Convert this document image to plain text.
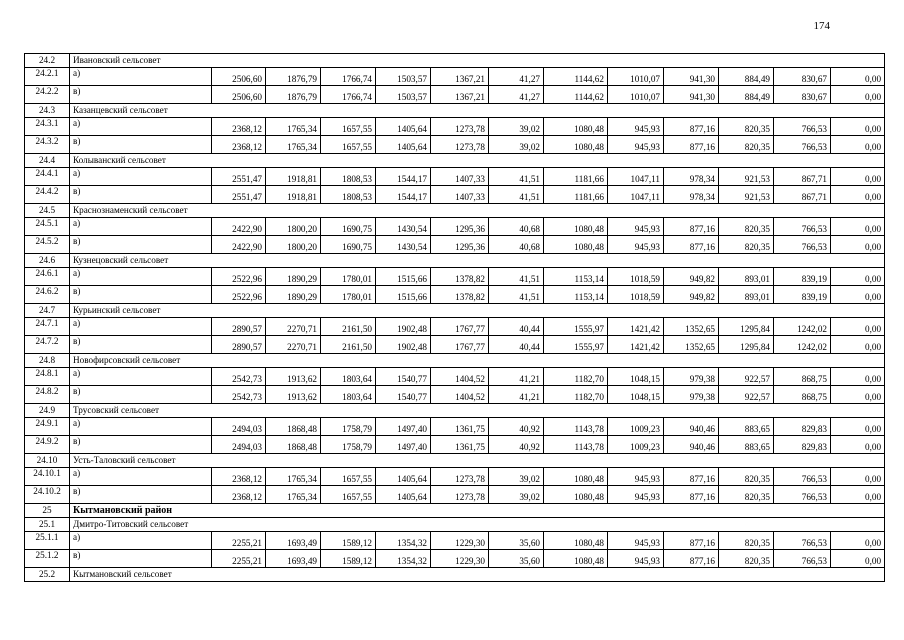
174
24.2	Ивановский сельсовет												
24.2.1	а)	2506,60	1876,79	1766,74	1503,57	1367,21	41,27	1144,62	1010,07	941,30	884,49	830,67	0,00
24.2.2	в)	2506,60	1876,79	1766,74	1503,57	1367,21	41,27	1144,62	1010,07	941,30	884,49	830,67	0,00
24.3	Казанцевский сельсовет												
24.3.1	а)	2368,12	1765,34	1657,55	1405,64	1273,78	39,02	1080,48	945,93	877,16	820,35	766,53	0,00
24.3.2	в)	2368,12	1765,34	1657,55	1405,64	1273,78	39,02	1080,48	945,93	877,16	820,35	766,53	0,00
24.4	Колыванский сельсовет												
24.4.1	а)	2551,47	1918,81	1808,53	1544,17	1407,33	41,51	1181,66	1047,11	978,34	921,53	867,71	0,00
24.4.2	в)	2551,47	1918,81	1808,53	1544,17	1407,33	41,51	1181,66	1047,11	978,34	921,53	867,71	0,00
24.5	Краснознаменский сельсовет												
24.5.1	а)	2422,90	1800,20	1690,75	1430,54	1295,36	40,68	1080,48	945,93	877,16	820,35	766,53	0,00
24.5.2	в)	2422,90	1800,20	1690,75	1430,54	1295,36	40,68	1080,48	945,93	877,16	820,35	766,53	0,00
24.6	Кузнецовский сельсовет												
24.6.1	а)	2522,96	1890,29	1780,01	1515,66	1378,82	41,51	1153,14	1018,59	949,82	893,01	839,19	0,00
24.6.2	в)	2522,96	1890,29	1780,01	1515,66	1378,82	41,51	1153,14	1018,59	949,82	893,01	839,19	0,00
24.7	Курьинский сельсовет												
24.7.1	а)	2890,57	2270,71	2161,50	1902,48	1767,77	40,44	1555,97	1421,42	1352,65	1295,84	1242,02	0,00
24.7.2	в)	2890,57	2270,71	2161,50	1902,48	1767,77	40,44	1555,97	1421,42	1352,65	1295,84	1242,02	0,00
24.8	Новофирсовский сельсовет												
24.8.1	а)	2542,73	1913,62	1803,64	1540,77	1404,52	41,21	1182,70	1048,15	979,38	922,57	868,75	0,00
24.8.2	в)	2542,73	1913,62	1803,64	1540,77	1404,52	41,21	1182,70	1048,15	979,38	922,57	868,75	0,00
24.9	Трусовский сельсовет												
24.9.1	а)	2494,03	1868,48	1758,79	1497,40	1361,75	40,92	1143,78	1009,23	940,46	883,65	829,83	0,00
24.9.2	в)	2494,03	1868,48	1758,79	1497,40	1361,75	40,92	1143,78	1009,23	940,46	883,65	829,83	0,00
24.10	Усть-Таловский сельсовет												
24.10.1	а)	2368,12	1765,34	1657,55	1405,64	1273,78	39,02	1080,48	945,93	877,16	820,35	766,53	0,00
24.10.2	в)	2368,12	1765,34	1657,55	1405,64	1273,78	39,02	1080,48	945,93	877,16	820,35	766,53	0,00
25	Кытмановский район												
25.1	Дмитро-Титовский сельсовет												
25.1.1	а)	2255,21	1693,49	1589,12	1354,32	1229,30	35,60	1080,48	945,93	877,16	820,35	766,53	0,00
25.1.2	в)	2255,21	1693,49	1589,12	1354,32	1229,30	35,60	1080,48	945,93	877,16	820,35	766,53	0,00
25.2	Кытмановский сельсовет												
